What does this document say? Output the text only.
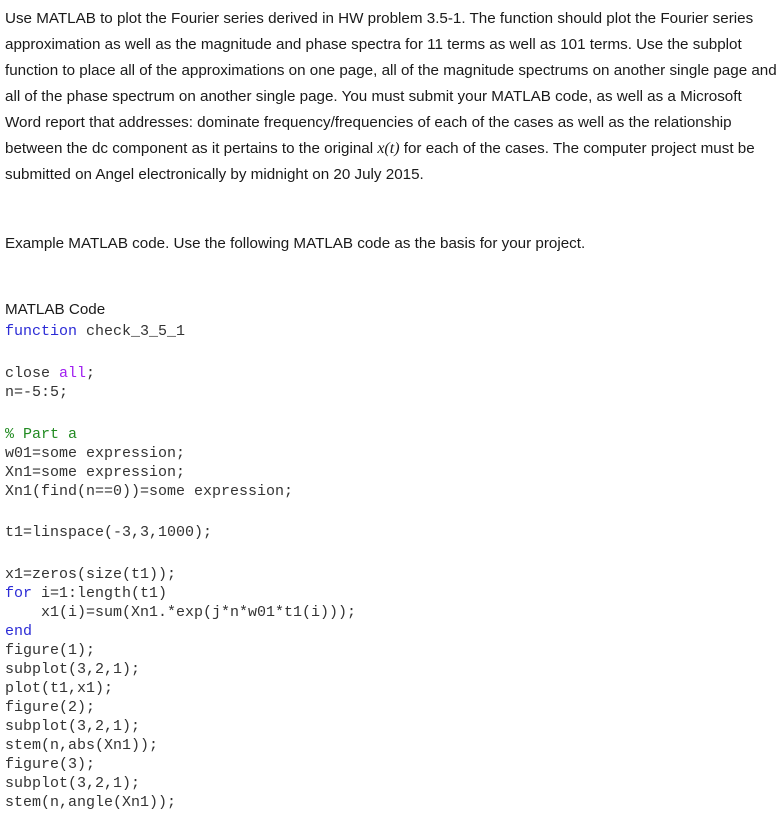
Use MATLAB to plot the Fourier series derived in HW problem 3.5-1. The function should plot the Fourier series approximation as well as the magnitude and phase spectra for 11 terms as well as 101 terms. Use the subplot function to place all of the approximations on one page, all of the magnitude spectrums on another single page and all of the phase spectrum on another single page. You must submit your MATLAB code, as well as a Microsoft Word report that addresses: dominate frequency/frequencies of each of the cases as well as the relationship between the dc component as it pertains to the original x(t) for each of the cases. The computer project must be submitted on Angel electronically by midnight on 20 July 2015.

Example MATLAB code. Use the following MATLAB code as the basis for your project.

MATLAB Code
function check_3_5_1
close all;
n=-5:5;
% Part a
w01=some expression;
Xn1=some expression;
Xn1(find(n==0))=some expression;
t1=linspace(-3,3,1000);
x1=zeros(size(t1));
for i=1:length(t1)
x1(i)=sum(Xn1.*exp(j*n*w01*t1(i)));
end
figure(1);
subplot(3,2,1);
plot(t1,x1);
figure(2);
subplot(3,2,1);
stem(n,abs(Xn1));
figure(3);
subplot(3,2,1);
stem(n,angle(Xn1));
